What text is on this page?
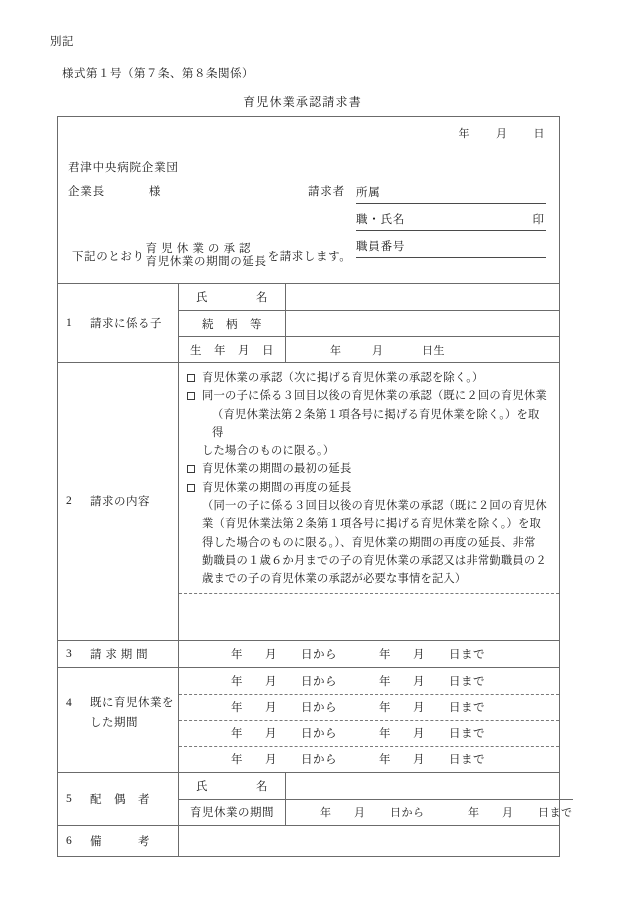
別記
様式第１号（第７条、第８条関係）
育児休業承認請求書
年 月 日
君津中央病院企業団
企業長	様	請求者 所属
職・氏名	印
職員番号
下記のとおり
育 児 休 業 の 承 認
育児休業の期間の延長 を請求します。
1	請求に係る子
氏　　　　名
続　柄　等
生　年　月　日	年	月	日生
2	請求の内容
育児休業の承認（次に掲げる育児休業の承認を除く。）
同一の子に係る３回目以後の育児休業の承認（既に２回の育児休業
（育児休業法第２条第１項各号に掲げる育児休業を除く。）を取得
した場合のものに限る。）
育児休業の期間の最初の延長
育児休業の期間の再度の延長
（同一の子に係る３回目以後の育児休業の承認（既に２回の育児休
業（育児休業法第２条第１項各号に掲げる育児休業を除く。）を取 得した場合のものに限る。）、育児休業の期間の再度の延長、非常 勤職員の１歳６か月までの子の育児休業の承認又は非常勤職員の２ 歳までの子の育児休業の承認が必要な事情を記入）
3	請 求 期 間	年 月 日から	年 月 日まで
4 既に育児休業を
した期間
年 月 日から	年 月 日まで
年 月 日から	年 月 日まで
年 月 日から	年 月 日まで
年 月 日から	年 月 日まで
5	配　偶　者
氏　　　　名
育児休業の期間	年 月 日から	年 月 日まで
6	備　　　考
